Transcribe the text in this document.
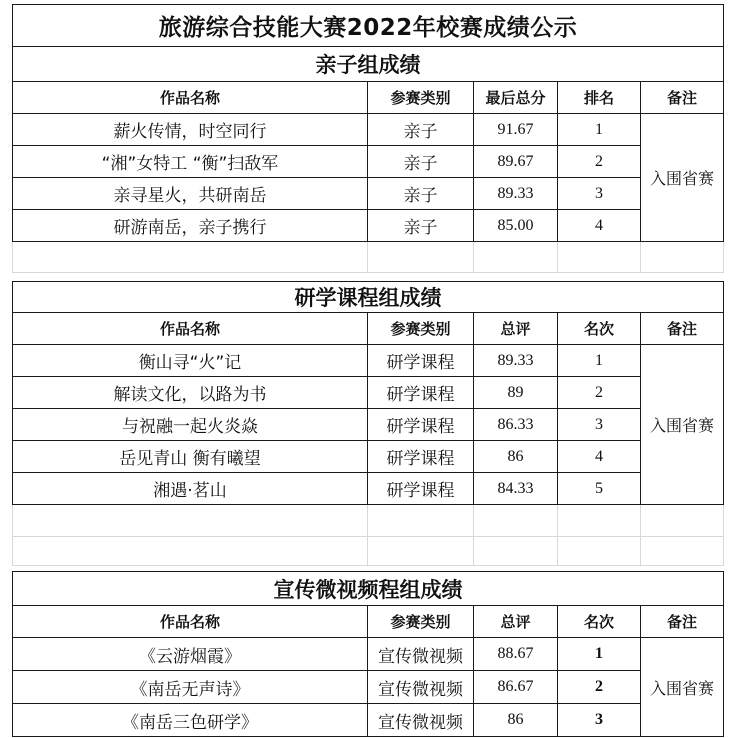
旅游综合技能大赛2022年校赛成绩公示
亲子组成绩
作品名称	参赛类别	最后总分	排名	备注
薪火传情，时空同行	亲子	91.67	1
“湘”女特工 “衡”扫敌军	亲子	89.67	2
亲寻星火，共研南岳	亲子	89.33	3
研游南岳，亲子携行	亲子	85.00	4
入围省赛
研学课程组成绩
作品名称	参赛类别	总评	名次	备注
衡山寻“火”记	研学课程	89.33	1
解读文化，以路为书	研学课程	89	2
与祝融一起火炎焱	研学课程	86.33	3
岳见青山 衡有曦望	研学课程	86	4
湘遇·茗山	研学课程	84.33	5
入围省赛
宣传微视频程组成绩
作品名称	参赛类别	总评	名次	备注
《云游烟霞》	宣传微视频	88.67	1
《南岳无声诗》	宣传微视频	86.67	2
《南岳三色研学》	宣传微视频	86	3
入围省赛
